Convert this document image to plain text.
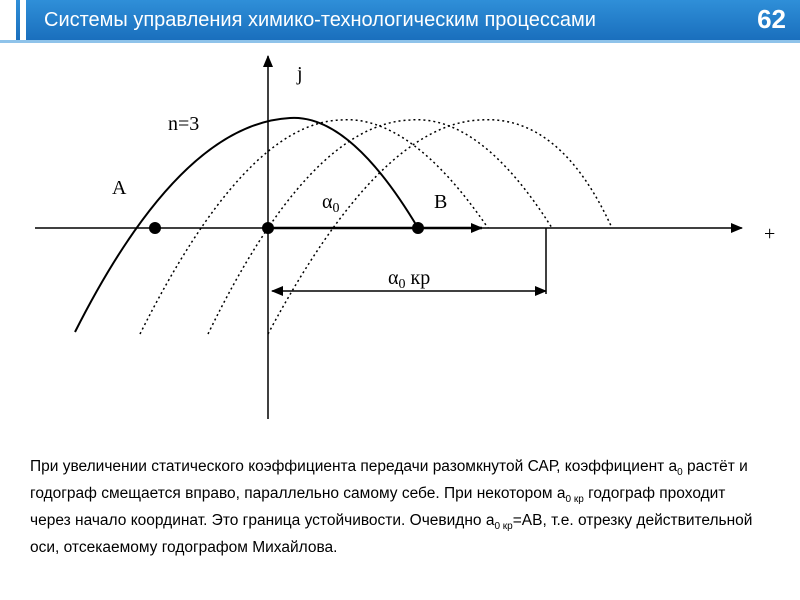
Системы управления химико-технологическим процессами	62
j
+
n=3
A
B
$\alpha_0$
$\alpha_0$ кр
При увеличении статического коэффициента передачи разомкнутой САР, коэффициент $а_0$ растёт и годограф смещается вправо, параллельно самому себе. При некотором $а_{0 кр}$ годограф проходит через начало координат. Это граница устойчивости. Очевидно $а_{0 кр}=АВ$, т.е. отрезку действительной оси, отсекаемому годографом Михайлова.
